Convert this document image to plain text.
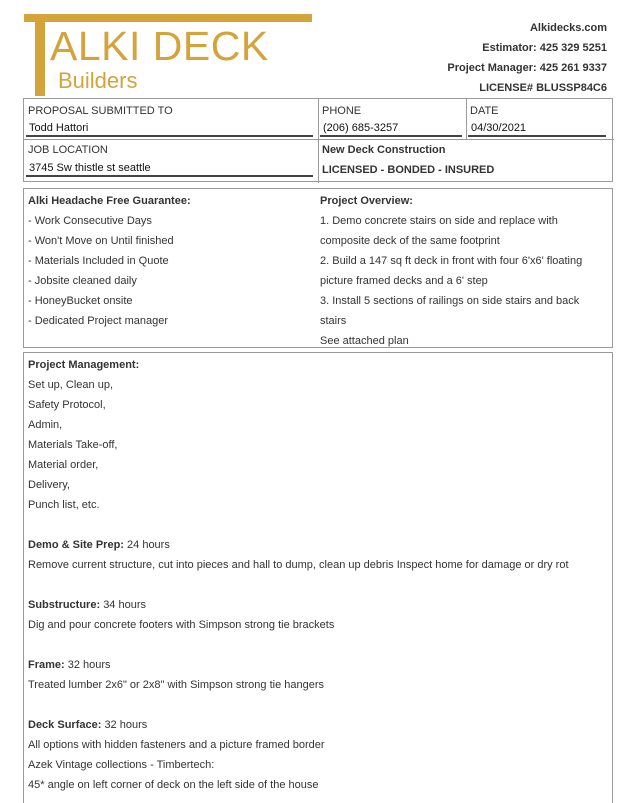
ALKI DECK
Builders
Alkidecks.com
Estimator: 425 329 5251
Project Manager: 425 261 9337
LICENSE# BLUSSP84C6
PROPOSAL SUBMITTED TO
Todd Hattori
PHONE
(206) 685-3257
DATE
04/30/2021
JOB LOCATION
3745 Sw thistle st seattle
New Deck Construction
LICENSED - BONDED - INSURED
Alki Headache Free Guarantee:
- Work Consecutive Days
- Won't Move on Until finished
- Materials Included in Quote
- Jobsite cleaned daily
- HoneyBucket onsite
- Dedicated Project manager
Project Overview:
1. Demo concrete stairs on side and replace with
composite deck of the same footprint
2. Build a 147 sq ft deck in front with four 6'x6' floating
picture framed decks and a 6' step
3. Install 5 sections of railings on side stairs and back
stairs
See attached plan
Project Management:
Set up, Clean up,
Safety Protocol,
Admin,
Materials Take-off,
Material order,
Delivery,
Punch list, etc.
Demo & Site Prep: 24 hours
Remove current structure, cut into pieces and hall to dump, clean up debris Inspect home for damage or dry rot
Substructure: 34 hours
Dig and pour concrete footers with Simpson strong tie brackets
Frame: 32 hours
Treated lumber 2x6" or 2x8" with Simpson strong tie hangers
Deck Surface: 32 hours
All options with hidden fasteners and a picture framed border
Azek Vintage collections - Timbertech:
45* angle on left corner of deck on the left side of the house
